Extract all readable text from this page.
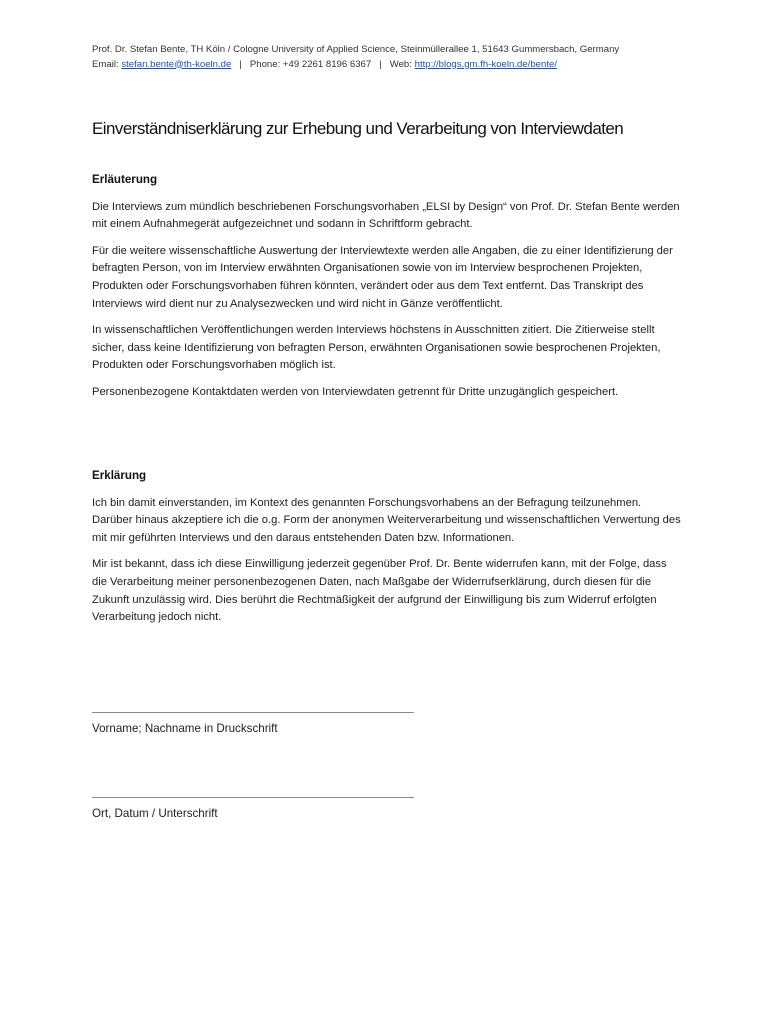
Prof. Dr. Stefan Bente, TH Köln / Cologne University of Applied Science, Steinmüllerallee 1, 51643 Gummersbach, Germany
Email: stefan.bente@th-koeln.de   |   Phone: +49 2261 8196 6367   |   Web: http://blogs.gm.fh-koeln.de/bente/
Einverständniserklärung zur Erhebung und Verarbeitung von Interviewdaten
Erläuterung

Die Interviews zum mündlich beschriebenen Forschungsvorhaben „ELSI by Design“ von Prof. Dr. Stefan Bente werden mit einem Aufnahmegerät aufgezeichnet und sodann in Schriftform gebracht.

Für die weitere wissenschaftliche Auswertung der Interviewtexte werden alle Angaben, die zu einer Identifizierung der befragten Person, von im Interview erwähnten Organisationen sowie von im Interview besprochenen Projekten, Produkten oder Forschungsvorhaben führen könnten, verändert oder aus dem Text entfernt. Das Transkript des Interviews wird dient nur zu Analysezwecken und wird nicht in Gänze veröffentlicht.

In wissenschaftlichen Veröffentlichungen werden Interviews höchstens in Ausschnitten zitiert. Die Zitierweise stellt sicher, dass keine Identifizierung von befragten Person, erwähnten Organisationen sowie besprochenen Projekten, Produkten oder Forschungsvorhaben möglich ist.

Personenbezogene Kontaktdaten werden von Interviewdaten getrennt für Dritte unzugänglich gespeichert.

Erklärung

Ich bin damit einverstanden, im Kontext des genannten Forschungsvorhabens an der Befragung teilzunehmen. Darüber hinaus akzeptiere ich die o.g. Form der anonymen Weiterverarbeitung und wissenschaftlichen Verwertung des mit mir geführten Interviews und den daraus entstehenden Daten bzw. Informationen.

Mir ist bekannt, dass ich diese Einwilligung jederzeit gegenüber Prof. Dr. Bente widerrufen kann, mit der Folge, dass die Verarbeitung meiner personenbezogenen Daten, nach Maßgabe der Widerrufserklärung, durch diesen für die Zukunft unzulässig wird. Dies berührt die Rechtmäßigkeit der aufgrund der Einwilligung bis zum Widerruf erfolgten Verarbeitung jedoch nicht.

Vorname; Nachname in Druckschrift
Ort, Datum / Unterschrift
